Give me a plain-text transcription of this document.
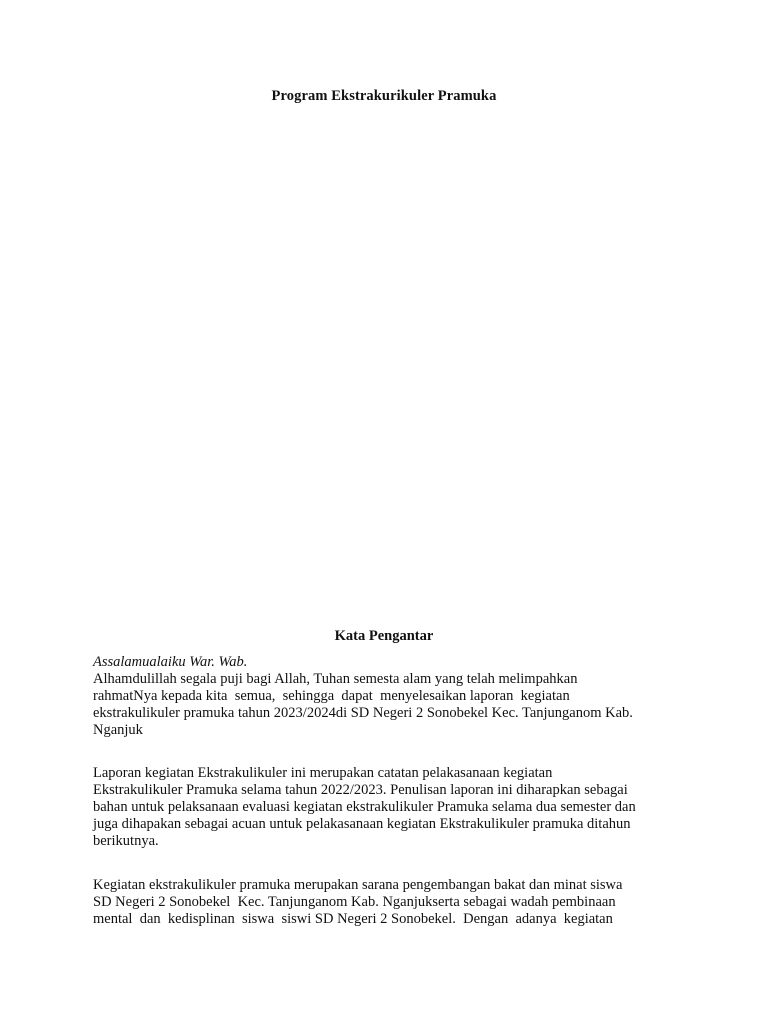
Program Ekstrakurikuler Pramuka
Kata Pengantar
Assalamualaiku War. Wab.
Alhamdulillah segala puji bagi Allah, Tuhan semesta alam yang telah melimpahkan
rahmatNya kepada kita  semua,  sehingga  dapat  menyelesaikan laporan  kegiatan
ekstrakulikuler pramuka tahun 2023/2024di SD Negeri 2 Sonobekel Kec. Tanjunganom Kab.
Nganjuk
Laporan kegiatan Ekstrakulikuler ini merupakan catatan pelakasanaan kegiatan
Ekstrakulikuler Pramuka selama tahun 2022/2023. Penulisan laporan ini diharapkan sebagai
bahan untuk pelaksanaan evaluasi kegiatan ekstrakulikuler Pramuka selama dua semester dan
juga dihapakan sebagai acuan untuk pelakasanaan kegiatan Ekstrakulikuler pramuka ditahun
berikutnya.
Kegiatan ekstrakulikuler pramuka merupakan sarana pengembangan bakat dan minat siswa
SD Negeri 2 Sonobekel  Kec. Tanjunganom Kab. Nganjukserta sebagai wadah pembinaan
mental  dan  kedisplinan  siswa  siswi SD Negeri 2 Sonobekel.  Dengan  adanya  kegiatan
